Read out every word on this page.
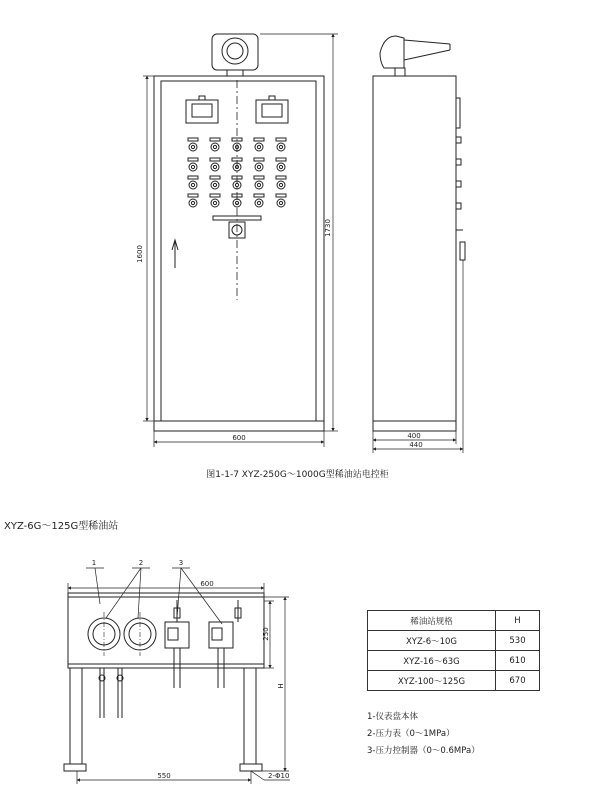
1600
1730
600	400
440
1	2	3
600
250
H
550	2-Φ10
图1-1-7 XYZ-250G～1000G型稀油站电控柜
XYZ-6G～125G型稀油站
稀油站规格	H
XYZ-6～10G	530
XYZ-16～63G	610
XYZ-100～125G	670
1-仪表盘本体
2-压力表（0～1MPa）
3-压力控制器（0～0.6MPa）
